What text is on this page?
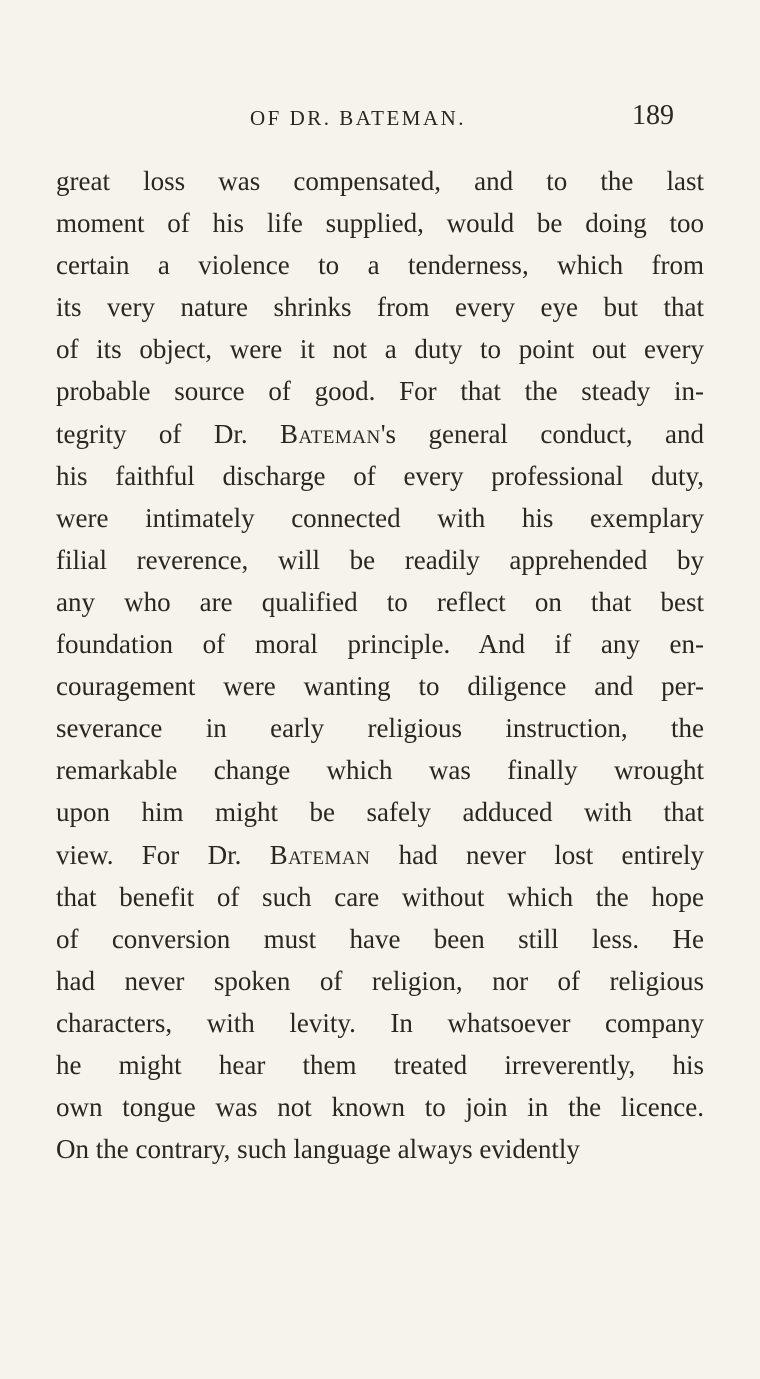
OF DR. BATEMAN.	189
great loss was compensated, and to the last
moment of his life supplied, would be doing too
certain a violence to a tenderness, which from
its very nature shrinks from every eye but that
of its object, were it not a duty to point out every
probable source of good. For that the steady in-
tegrity of Dr. Bateman's general conduct, and
his faithful discharge of every professional duty,
were intimately connected with his exemplary
filial reverence, will be readily apprehended by
any who are qualified to reflect on that best
foundation of moral principle. And if any en-
couragement were wanting to diligence and per-
severance in early religious instruction, the
remarkable change which was finally wrought
upon him might be safely adduced with that
view. For Dr. Bateman had never lost entirely
that benefit of such care without which the hope
of conversion must have been still less. He
had never spoken of religion, nor of religious
characters, with levity. In whatsoever company
he might hear them treated irreverently, his
own tongue was not known to join in the licence.
On the contrary, such language always evidently
